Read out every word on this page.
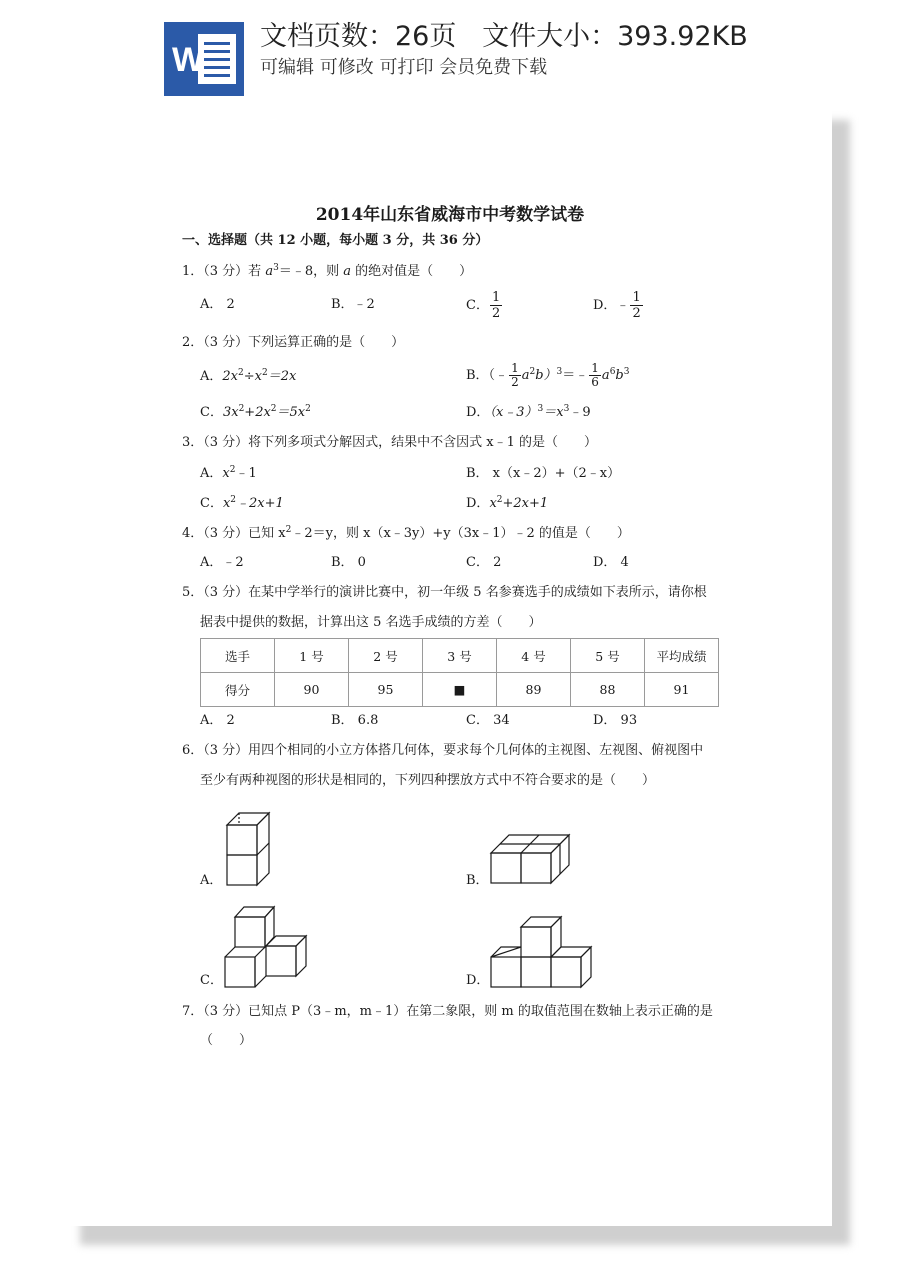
W
文档页数：26页   文件大小：393.92KB
可编辑 可修改 可打印 会员免费下载
2014年山东省威海市中考数学试卷
一、选择题（共 12 小题，每小题 3 分，共 36 分）
1．（3 分）若 $a^3=﹣8$，则 a 的绝对值是（　　）
A． 2	B．﹣2	C． $\frac{1}{2}$	D．﹣ $\frac{1}{2}$
2．（3 分）下列运算正确的是（　　）
A．$2x^2\div x^2=2x$	B．（﹣ $\frac{1}{2}$ $a^2b)^3=﹣ \frac{1}{6} a^6b^3$
C．$3x^2+2x^2=5x^2$	D．$(x﹣3)^3=x^3﹣9$
3．（3 分）将下列多项式分解因式，结果中不含因式 x﹣1 的是（　　）
A．$x^2﹣1$	B． x（x﹣2）+（2﹣x）
C．$x^2﹣2x+1$	D．$x^2+2x+1$
4．（3 分）已知 $x^2﹣2=y$，则 x（x﹣3y）+y（3x﹣1）﹣2 的值是（　　）
A．﹣2	B． 0	C． 2	D． 4
5．（3 分）在某中学举行的演讲比赛中，初一年级 5 名参赛选手的成绩如下表所示，请你根
据表中提供的数据，计算出这 5 名选手成绩的方差（　　）
选手	1 号	2 号	3 号	4 号	5 号	平均成绩
得分	90	95	■	89	88	91
A． 2	B． 6.8	C． 34	D． 93
6．（3 分）用四个相同的小立方体搭几何体，要求每个几何体的主视图、左视图、俯视图中
至少有两种视图的形状是相同的，下列四种摆放方式中不符合要求的是（　　）
A．	B．
C．	D．
7．（3 分）已知点 P（3﹣m，m﹣1）在第二象限，则 m 的取值范围在数轴上表示正确的是
（　　）
